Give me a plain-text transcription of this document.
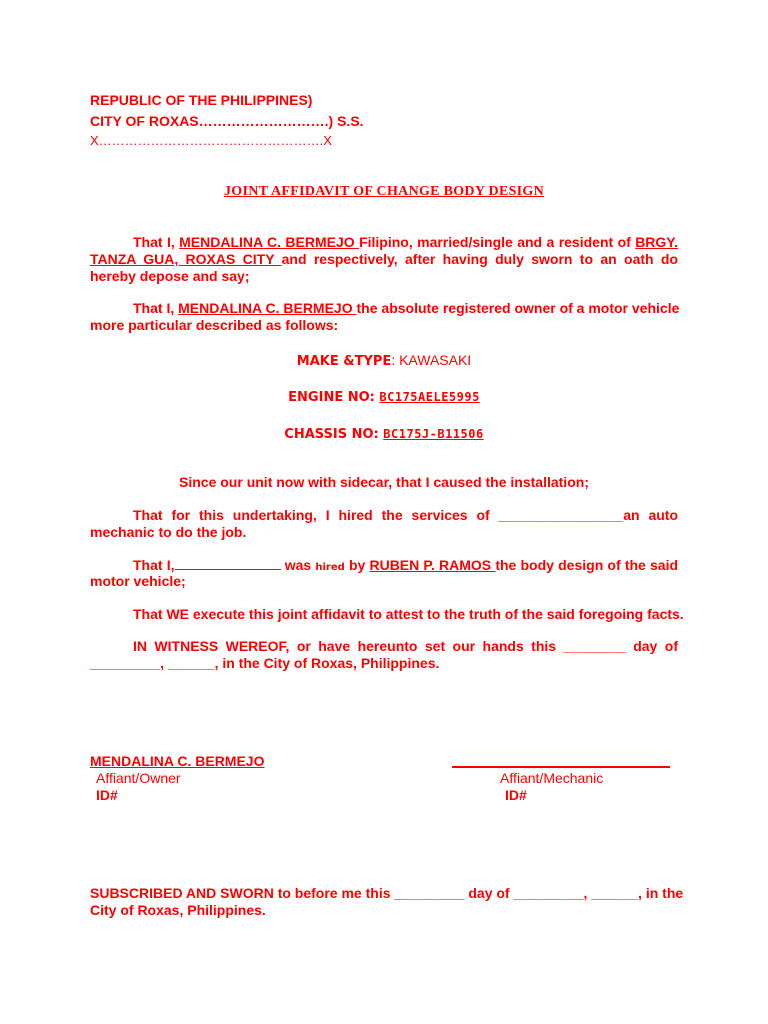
REPUBLIC OF THE PHILIPPINES)
CITY OF ROXAS……………………….) S.S.
X…………………………………………….X
JOINT AFFIDAVIT OF CHANGE BODY DESIGN
That I, MENDALINA C. BERMEJO Filipino, married/single and a resident of BRGY.
TANZA GUA, ROXAS CITY and respectively, after having duly sworn to an oath do
hereby depose and say;
That I, MENDALINA C. BERMEJO the absolute registered owner of a motor vehicle
more particular described as follows:
MAKE &TYPE: KAWASAKI
ENGINE NO: BC175AELE5995
CHASSIS NO: BC175J-B11506
Since our unit now with sidecar, that I caused the installation;
That for this undertaking, I hired the services of ________________an auto
mechanic to do the job.
That I,	was hired by RUBEN P. RAMOS the body design of the said
motor vehicle;
That WE execute this joint affidavit to attest to the truth of the said foregoing facts.
IN WITNESS WEREOF, or have hereunto set our hands this ________ day of
_________, ______, in the City of Roxas, Philippines.
MENDALINA C. BERMEJO
Affiant/Owner	Affiant/Mechanic
ID#	ID#
SUBSCRIBED AND SWORN to before me this _________ day of _________, ______, in the
City of Roxas, Philippines.
